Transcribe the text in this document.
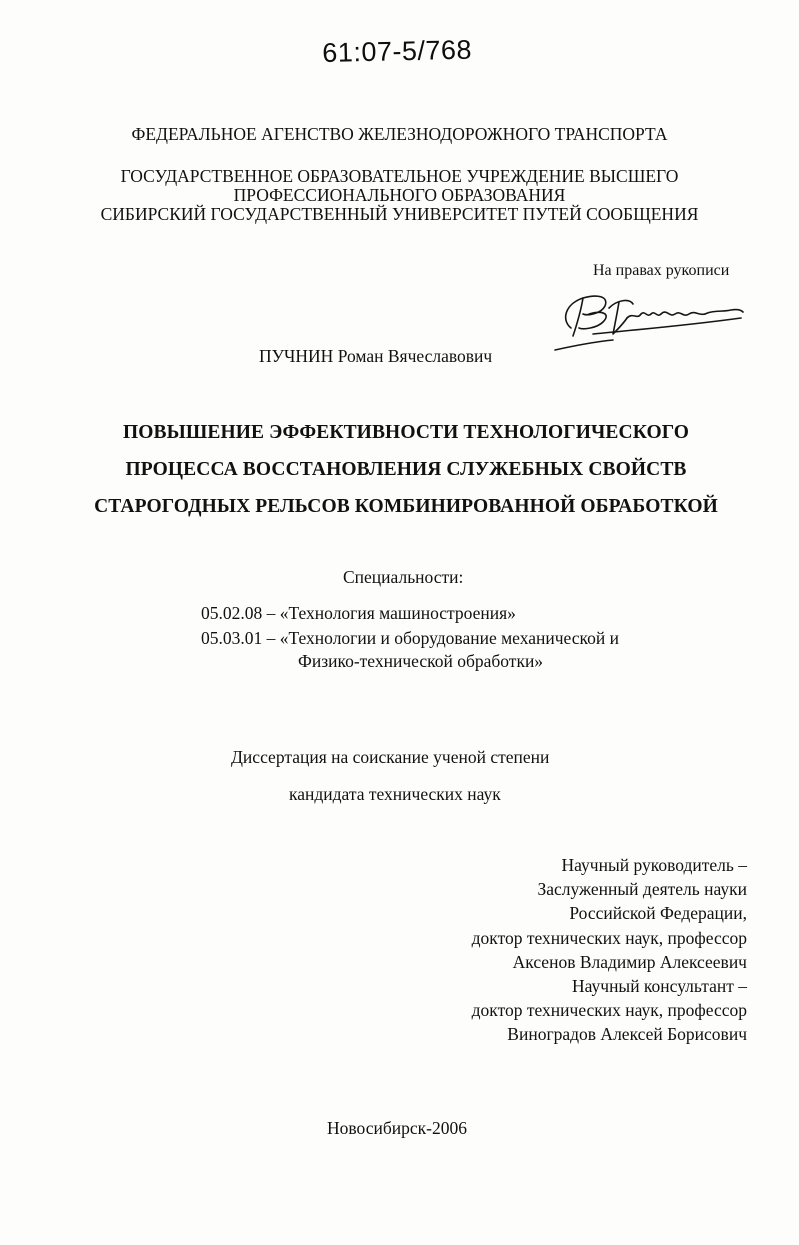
61:07-5/768
ФЕДЕРАЛЬНОЕ АГЕНСТВО ЖЕЛЕЗНОДОРОЖНОГО ТРАНСПОРТА
ГОСУДАРСТВЕННОЕ ОБРАЗОВАТЕЛЬНОЕ УЧРЕЖДЕНИЕ ВЫСШЕГО
ПРОФЕССИОНАЛЬНОГО ОБРАЗОВАНИЯ
СИБИРСКИЙ ГОСУДАРСТВЕННЫЙ УНИВЕРСИТЕТ ПУТЕЙ СООБЩЕНИЯ
На правах рукописи
ПУЧНИН Роман Вячеславович
ПОВЫШЕНИЕ ЭФФЕКТИВНОСТИ ТЕХНОЛОГИЧЕСКОГО
ПРОЦЕССА ВОССТАНОВЛЕНИЯ СЛУЖЕБНЫХ СВОЙСТВ
СТАРОГОДНЫХ РЕЛЬСОВ КОМБИНИРОВАННОЙ ОБРАБОТКОЙ
Специальности:
05.02.08 – «Технология машиностроения»
05.03.01 – «Технологии и оборудование механической и
Физико-технической обработки»
Диссертация на соискание ученой степени
кандидата технических наук
Научный руководитель –
Заслуженный деятель науки
Российской Федерации,
доктор технических наук, профессор
Аксенов Владимир Алексеевич
Научный консультант –
доктор технических наук, профессор
Виноградов Алексей Борисович
Новосибирск-2006
